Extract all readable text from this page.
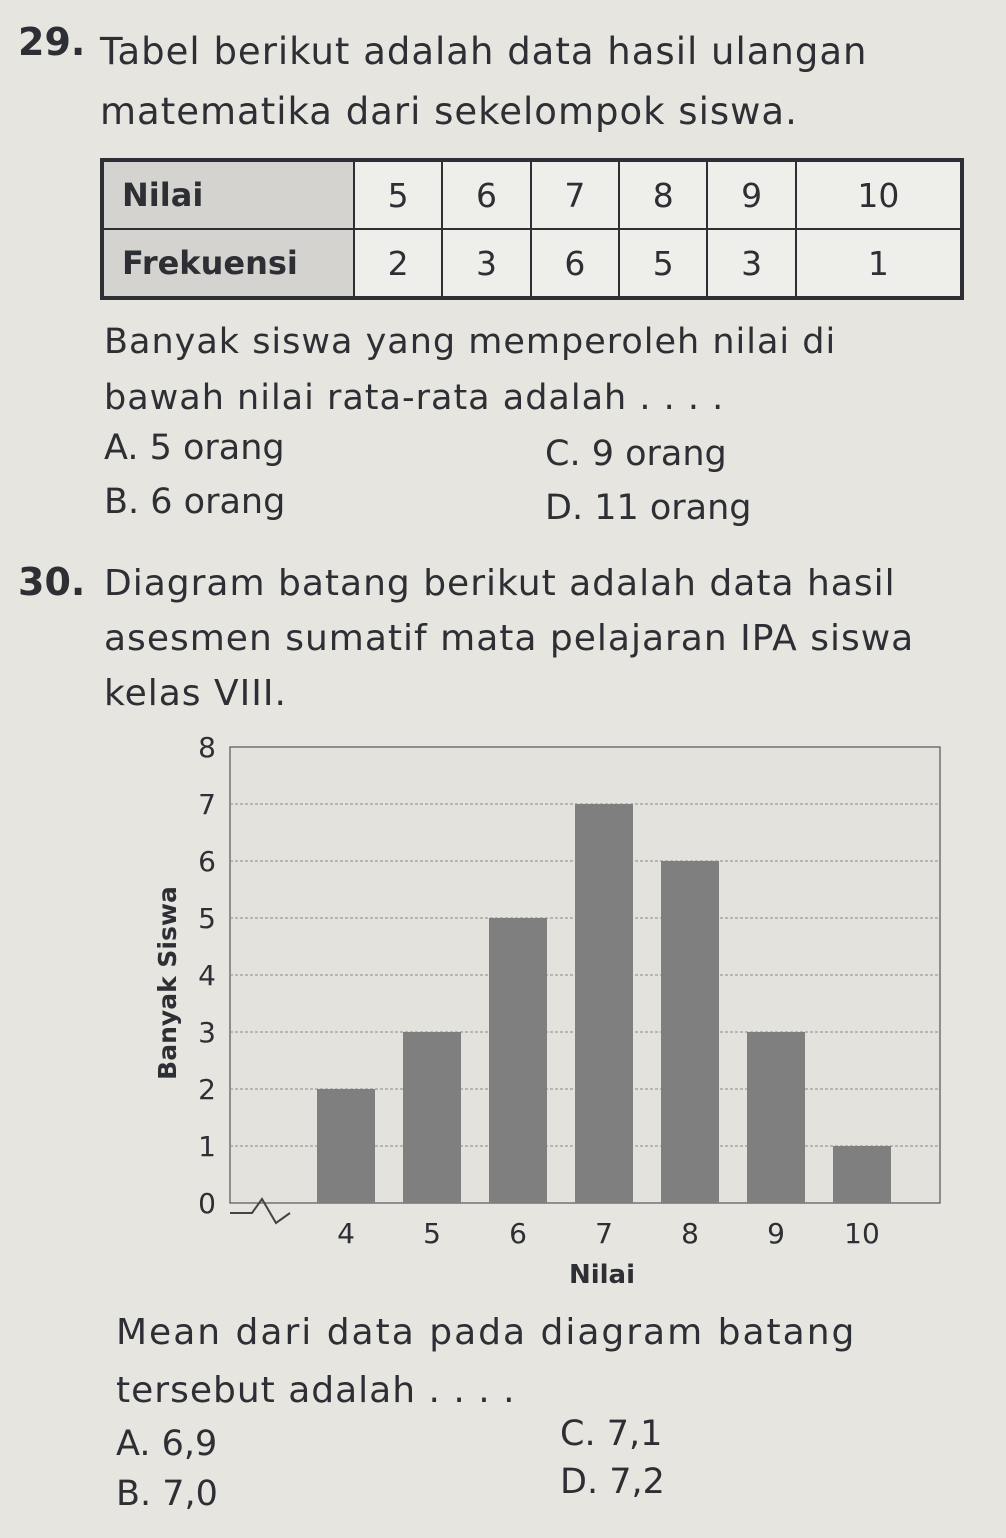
29. Tabel berikut adalah data hasil ulangan
matematika dari sekelompok siswa.
Nilai	5	6	7	8	9	10
Frekuensi	2	3	6	5	3	1
Banyak siswa yang memperoleh nilai di
bawah nilai rata-rata adalah . . . .
A. 5 orang
B. 6 orang
C. 9 orang
D. 11 orang
30. Diagram batang berikut adalah data hasil
asesmen sumatif mata pelajaran IPA siswa
kelas VIII.
0
1
2
3
4
5
6
7
8
4 5 6 7 8 9 10
Banyak Siswa
Nilai
Mean dari data pada diagram batang
tersebut adalah . . . .
A. 6,9
B. 7,0
C. 7,1
D. 7,2
